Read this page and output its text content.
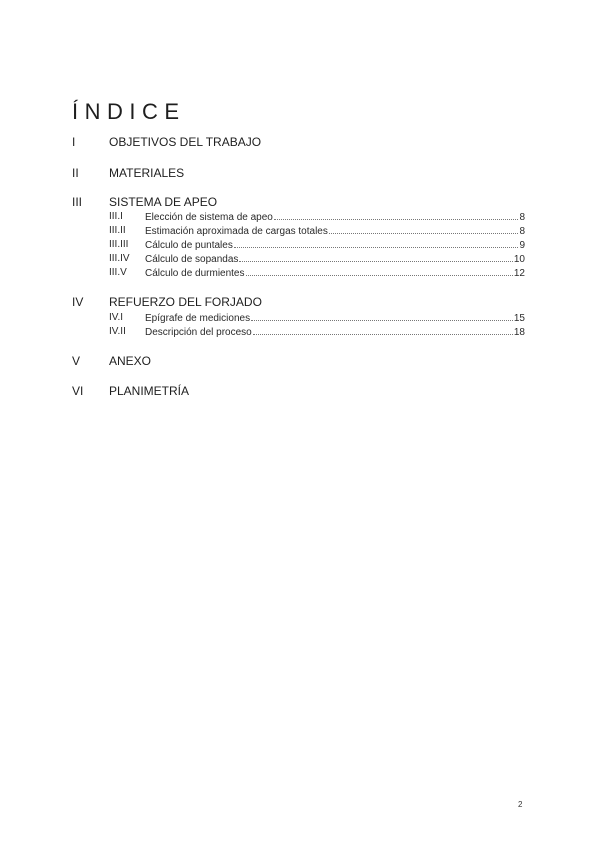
ÍNDICE
I	OBJETIVOS DEL TRABAJO
II	MATERIALES
III SISTEMA DE APEO
III.I Elección de sistema de apeo	8
III.II Estimación aproximada de cargas totales	8
III.III Cálculo de puntales	9
III.IV Cálculo de sopandas	10
III.V Cálculo de durmientes	12
IV REFUERZO DEL FORJADO
IV.I Epígrafe de mediciones	15
IV.II Descripción del proceso	18
V ANEXO
VI PLANIMETRÍA
2
